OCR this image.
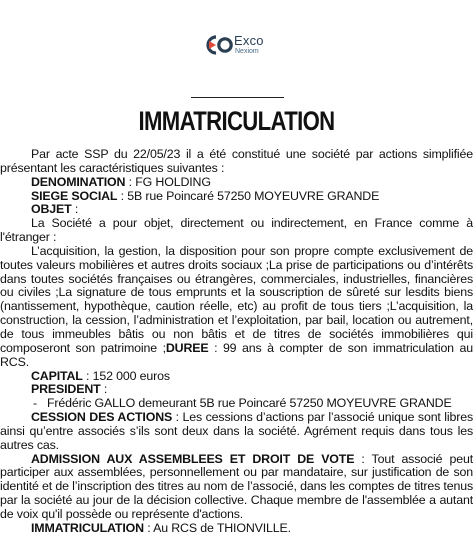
Exco
Nexiom
IMMATRICULATION

Par acte SSP du 22/05/23 il a été constitué une société par actions simplifiée présentant les caractéristiques suivantes :

DENOMINATION : FG HOLDING

SIEGE SOCIAL : 5B rue Poincaré 57250 MOYEUVRE GRANDE

OBJET :

La Société a pour objet, directement ou indirectement, en France comme à l'étranger :

L’acquisition, la gestion, la disposition pour son propre compte exclusivement de toutes valeurs mobilières et autres droits sociaux ;La prise de participations ou d’intérêts dans toutes sociétés françaises ou étrangères, commerciales, industrielles, financières ou civiles ;La signature de tous emprunts et la souscription de sûreté sur lesdits biens (nantissement, hypothèque, caution réelle, etc) au profit de tous tiers ;L’acquisition, la construction, la cession, l’administration et l’exploitation, par bail, location ou autrement, de tous immeubles bâtis ou non bâtis et de titres de sociétés immobilières qui composeront son patrimoine ;DUREE : 99 ans à compter de son immatriculation au RCS.

CAPITAL : 152 000 euros

PRESIDENT :

- Frédéric GALLO demeurant 5B rue Poincaré 57250 MOYEUVRE GRANDE

CESSION DES ACTIONS : Les cessions d’actions par l’associé unique sont libres ainsi qu’entre associés s’ils sont deux dans la société. Agrément requis dans tous les autres cas.

ADMISSION AUX ASSEMBLEES ET DROIT DE VOTE : Tout associé peut participer aux assemblées, personnellement ou par mandataire, sur justification de son identité et de l’inscription des titres au nom de l’associé, dans les comptes de titres tenus par la société au jour de la décision collective. Chaque membre de l'assemblée a autant de voix qu'il possède ou représente d'actions.

IMMATRICULATION : Au RCS de THIONVILLE.
